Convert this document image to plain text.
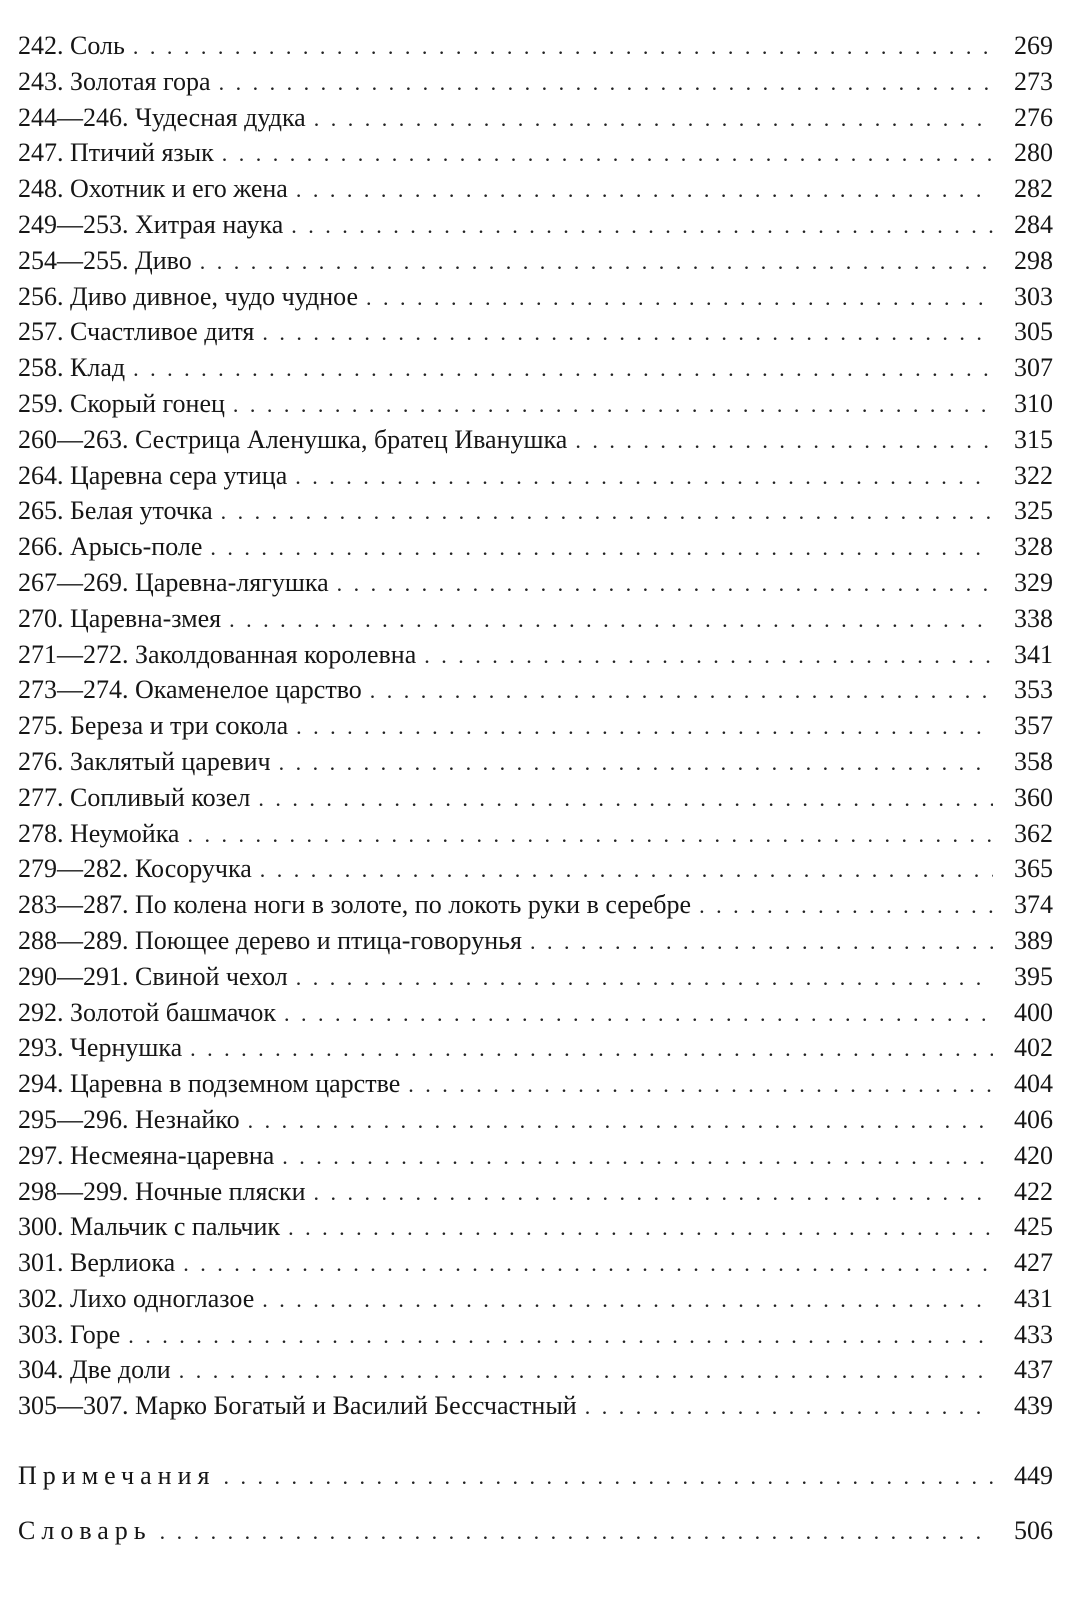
242. Соль . . .	269
243. Золотая гора . . .	273
244—246. Чудесная дудка . . .	276
247. Птичий язык . . .	280
248. Охотник и его жена . . .	282
249—253. Хитрая наука . . .	284
254—255. Диво . . .	298
256. Диво дивное, чудо чудное . . .	303
257. Счастливое дитя . . .	305
258. Клад . . .	307
259. Скорый гонец . . .	310
260—263. Сестрица Аленушка, братец Иванушка . . .	315
264. Царевна сера утица . . .	322
265. Белая уточка . . .	325
266. Арысь-поле . . .	328
267—269. Царевна-лягушка . . .	329
270. Царевна-змея . . .	338
271—272. Заколдованная королевна . . .	341
273—274. Окаменелое царство . . .	353
275. Береза и три сокола . . .	357
276. Заклятый царевич . . .	358
277. Сопливый козел . . .	360
278. Неумойка . . .	362
279—282. Косоручка . . .	365
283—287. По колена ноги в золоте, по локоть руки в серебре . . .	374
288—289. Поющее дерево и птица-говорунья . . .	389
290—291. Свиной чехол . . .	395
292. Золотой башмачок . . .	400
293. Чернушка . . .	402
294. Царевна в подземном царстве . . .	404
295—296. Незнайко . . .	406
297. Несмеяна-царевна . . .	420
298—299. Ночные пляски . . .	422
300. Мальчик с пальчик . . .	425
301. Верлиока . . .	427
302. Лихо одноглазое . . .	431
303. Горе . . .	433
304. Две доли . . .	437
305—307. Марко Богатый и Василий Бессчастный . . .	439
Примечания . . .	449
Словарь . . .	506
